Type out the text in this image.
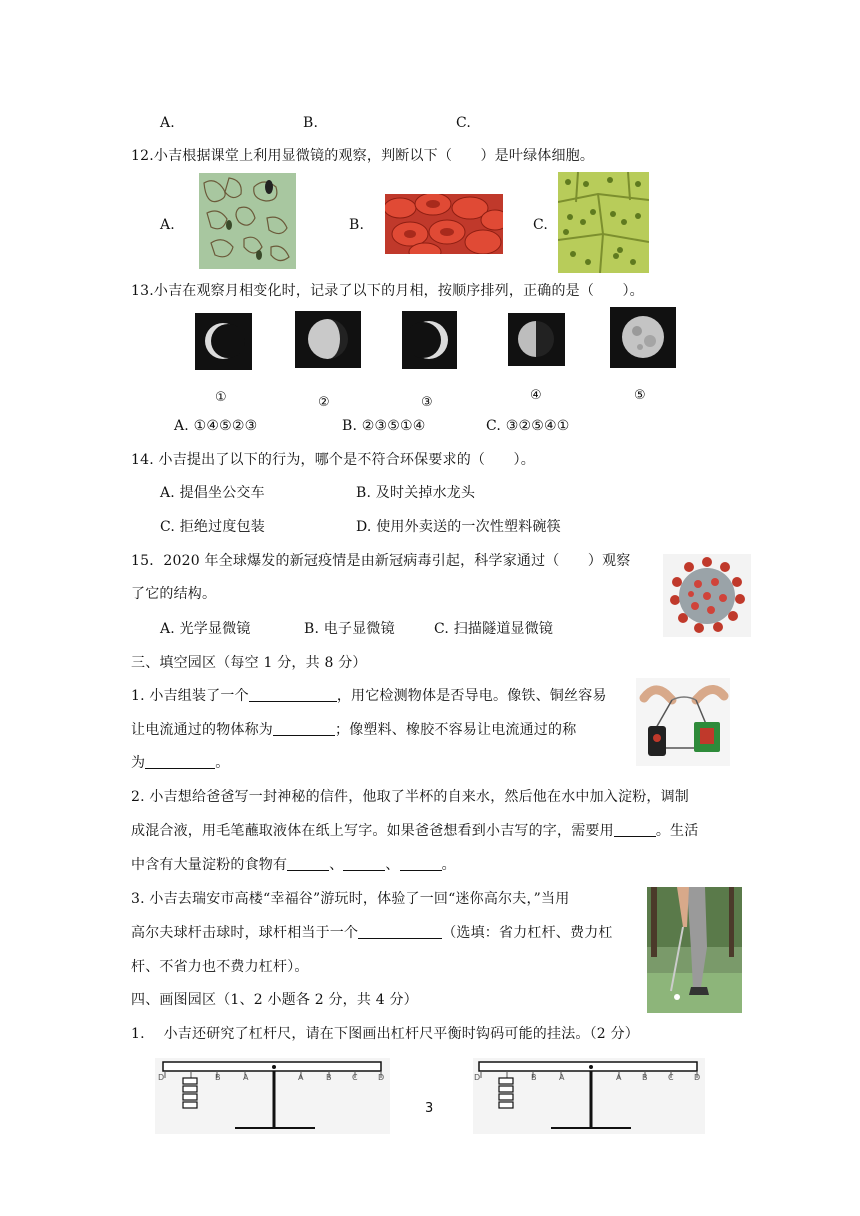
A.	B.	C.
12.小吉根据课堂上利用显微镜的观察，判断以下（　　）是叶绿体细胞。
A.	B.	C.
13.小吉在观察月相变化时，记录了以下的月相，按顺序排列，正确的是（　　）。
①	②	③	④	⑤
A. ①④⑤②③	B. ②③⑤①④	C. ③②⑤④①
14. 小吉提出了以下的行为，哪个是不符合环保要求的（　　）。
A. 提倡坐公交车	B. 及时关掉水龙头
C. 拒绝过度包装	D. 使用外卖送的一次性塑料碗筷
15．2020 年全球爆发的新冠疫情是由新冠病毒引起，科学家通过（　　）观察
了它的结构。
A. 光学显微镜	B. 电子显微镜	C. 扫描隧道显微镜
三、填空园区（每空 1 分，共 8 分）
1. 小吉组装了一个	，用它检测物体是否导电。像铁、铜丝容易
让电流通过的物体称为	；像塑料、橡胶不容易让电流通过的称
为	。
2. 小吉想给爸爸写一封神秘的信件，他取了半杯的自来水，然后他在水中加入淀粉，调制
成混合液，用毛笔蘸取液体在纸上写字。如果爸爸想看到小吉写的字，需要用	。生活
中含有大量淀粉的食物有	、	、	。
3. 小吉去瑞安市高楼“幸福谷”游玩时，体验了一回“迷你高尔夫，”当用
高尔夫球杆击球时，球杆相当于一个	（选填：省力杠杆、费力杠
杆、不省力也不费力杠杆）。
四、画图园区（1、2 小题各 2 分，共 4 分）
1.　 小吉还研究了杠杆尺，请在下图画出杠杆尺平衡时钩码可能的挂法。（2 分）
D	B	A	A	B	C	D	D	B	A	A	B	C	D
3
